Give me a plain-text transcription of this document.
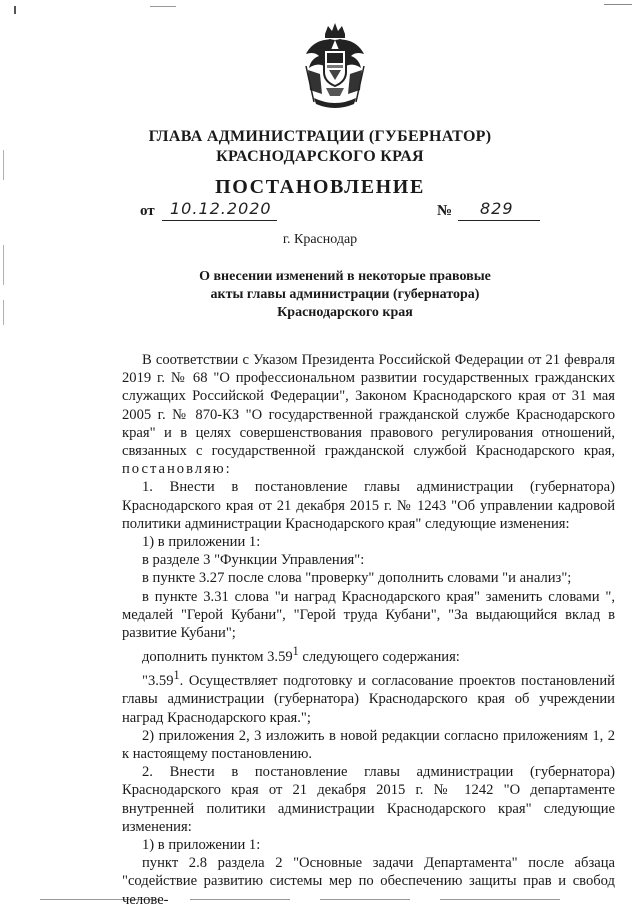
ГЛАВА АДМИНИСТРАЦИИ (ГУБЕРНАТОР)
КРАСНОДАРСКОГО КРАЯ
ПОСТАНОВЛЕНИЕ
от 10.12.2020	№ 829
г. Краснодар
О внесении изменений в некоторые правовые
акты главы администрации (губернатора)
Краснодарского края

В соответствии с Указом Президента Российской Федерации от 21 февраля 2019 г. № 68 "О профессиональном развитии государственных гражданских служащих Российской Федерации", Законом Краснодарского края от 31 мая 2005 г. № 870-КЗ "О государственной гражданской службе Краснодарского края" и в целях совершенствования правового регулирования отношений, связанных с государственной гражданской службой Краснодарского края, постановляю:

1. Внести в постановление главы администрации (губернатора) Краснодарского края от 21 декабря 2015 г. № 1243 "Об управлении кадровой политики администрации Краснодарского края" следующие изменения:

1) в приложении 1:

в разделе 3 "Функции Управления":

в пункте 3.27 после слова "проверку" дополнить словами "и анализ";

в пункте 3.31 слова "и наград Краснодарского края" заменить словами ", медалей "Герой Кубани", "Герой труда Кубани", "За выдающийся вклад в развитие Кубани";

дополнить пунктом 3.59$^1$ следующего содержания:

"3.59$^1$. Осуществляет подготовку и согласование проектов постановлений главы администрации (губернатора) Краснодарского края об учреждении наград Краснодарского края.";

2) приложения 2, 3 изложить в новой редакции согласно приложениям 1, 2 к настоящему постановлению.

2. Внести в постановление главы администрации (губернатора) Краснодарского края от 21 декабря 2015 г. № 1242 "О департаменте внутренней политики администрации Краснодарского края" следующие изменения:

1) в приложении 1:

пункт 2.8 раздела 2 "Основные задачи Департамента" после абзаца "содействие развитию системы мер по обеспечению защиты прав и свобод челове-
